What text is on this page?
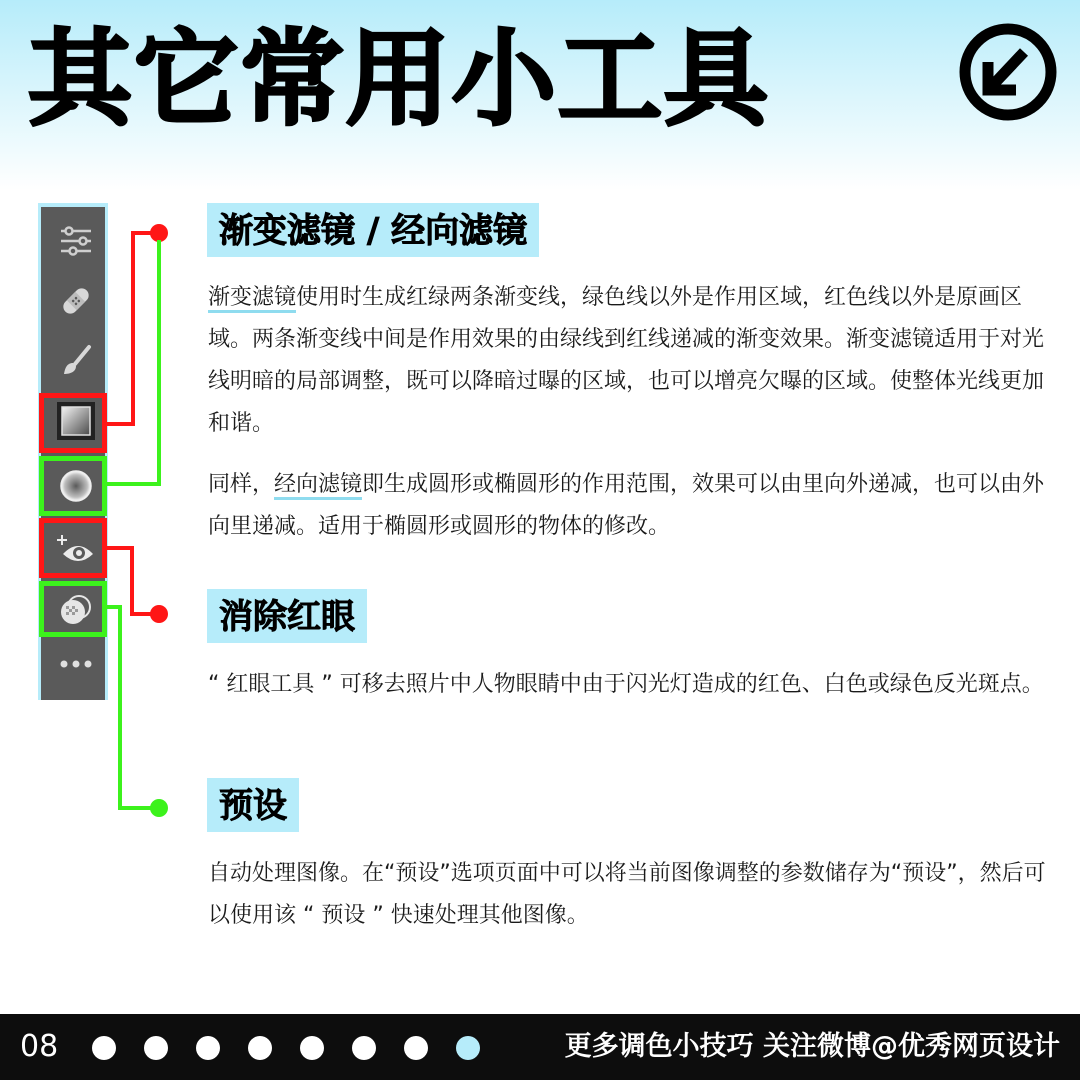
其它常用小工具
渐变滤镜 / 经向滤镜
渐变滤镜使用时生成红绿两条渐变线，绿色线以外是作用区域，红色线以外是原画区域。两条渐变线中间是作用效果的由绿线到红线递减的渐变效果。渐变滤镜适用于对光线明暗的局部调整，既可以降暗过曝的区域，也可以增亮欠曝的区域。使整体光线更加和谐。
同样，经向滤镜即生成圆形或椭圆形的作用范围，效果可以由里向外递减，也可以由外向里递减。适用于椭圆形或圆形的物体的修改。
消除红眼
“ 红眼工具 ” 可移去照片中人物眼睛中由于闪光灯造成的红色、白色或绿色反光斑点。
预设
自动处理图像。在“预设”选项页面中可以将当前图像调整的参数储存为“预设”，然后可以使用该 “ 预设 ” 快速处理其他图像。
08	更多调色小技巧 关注微博@优秀网页设计
